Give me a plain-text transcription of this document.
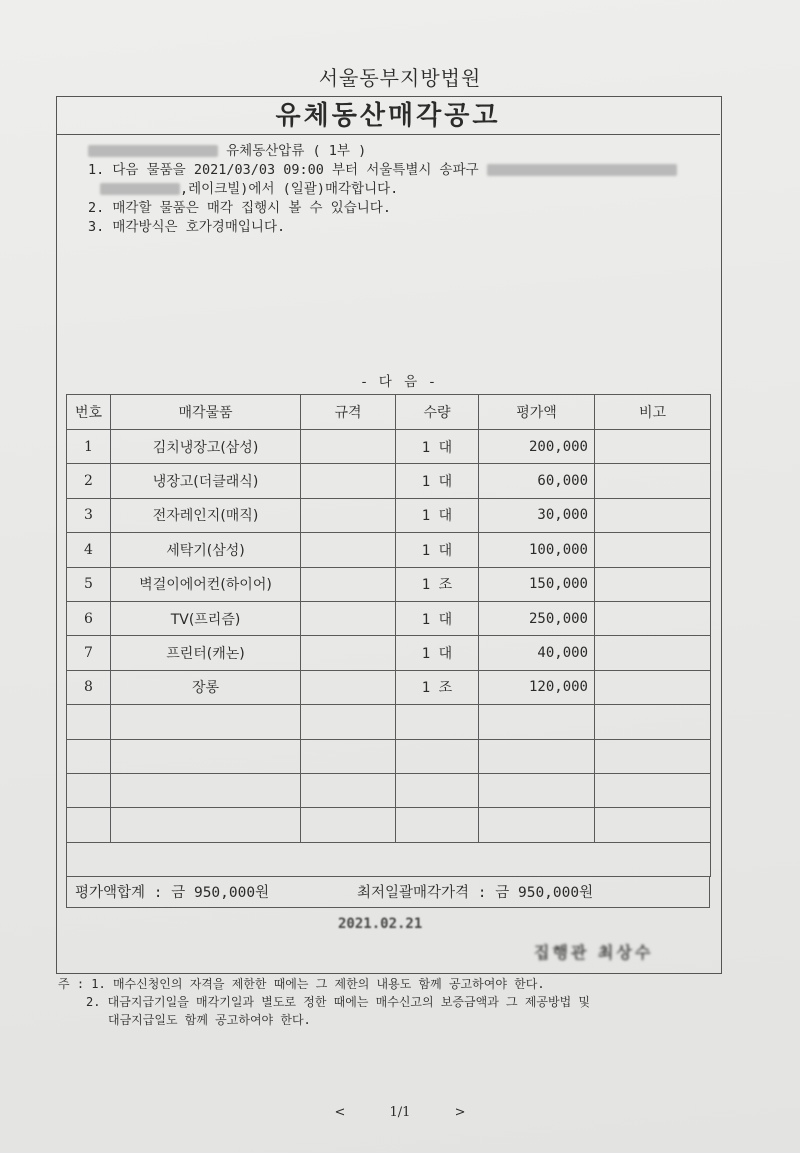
서울동부지방법원
유체동산매각공고
유체동산압류 ( 1부 )
1. 다음 물품을 2021/03/03 09:00 부터 서울특별시 송파구
,레이크빌)에서 (일괄)매각합니다.
2. 매각할 물품은 매각 집행시 볼 수 있습니다.
3. 매각방식은 호가경매입니다.
- 다 음 -
번호	매각물품	규격	수량	평가액	비고
1	김치냉장고(삼성)		1 대	200,000	
2	냉장고(더클래식)		1 대	60,000	
3	전자레인지(매직)		1 대	30,000	
4	세탁기(삼성)		1 대	100,000	
5	벽걸이에어컨(하이어)		1 조	150,000	
6	TV(프리즘)		1 대	250,000	
7	프린터(캐논)		1 대	40,000	
8	장롱		1 조	120,000	

평가액합계 : 금 950,000원	최저일괄매각가격 : 금 950,000원
2021.02.21
집행관 최상수
주 : 1. 매수신청인의 자격을 제한한 때에는 그 제한의 내용도 함께 공고하여야 한다.
2. 대금지급기일을 매각기일과 별도로 정한 때에는 매수신고의 보증금액과 그 제공방법 및
대금지급일도 함께 공고하여야 한다.
<	1/1	>
